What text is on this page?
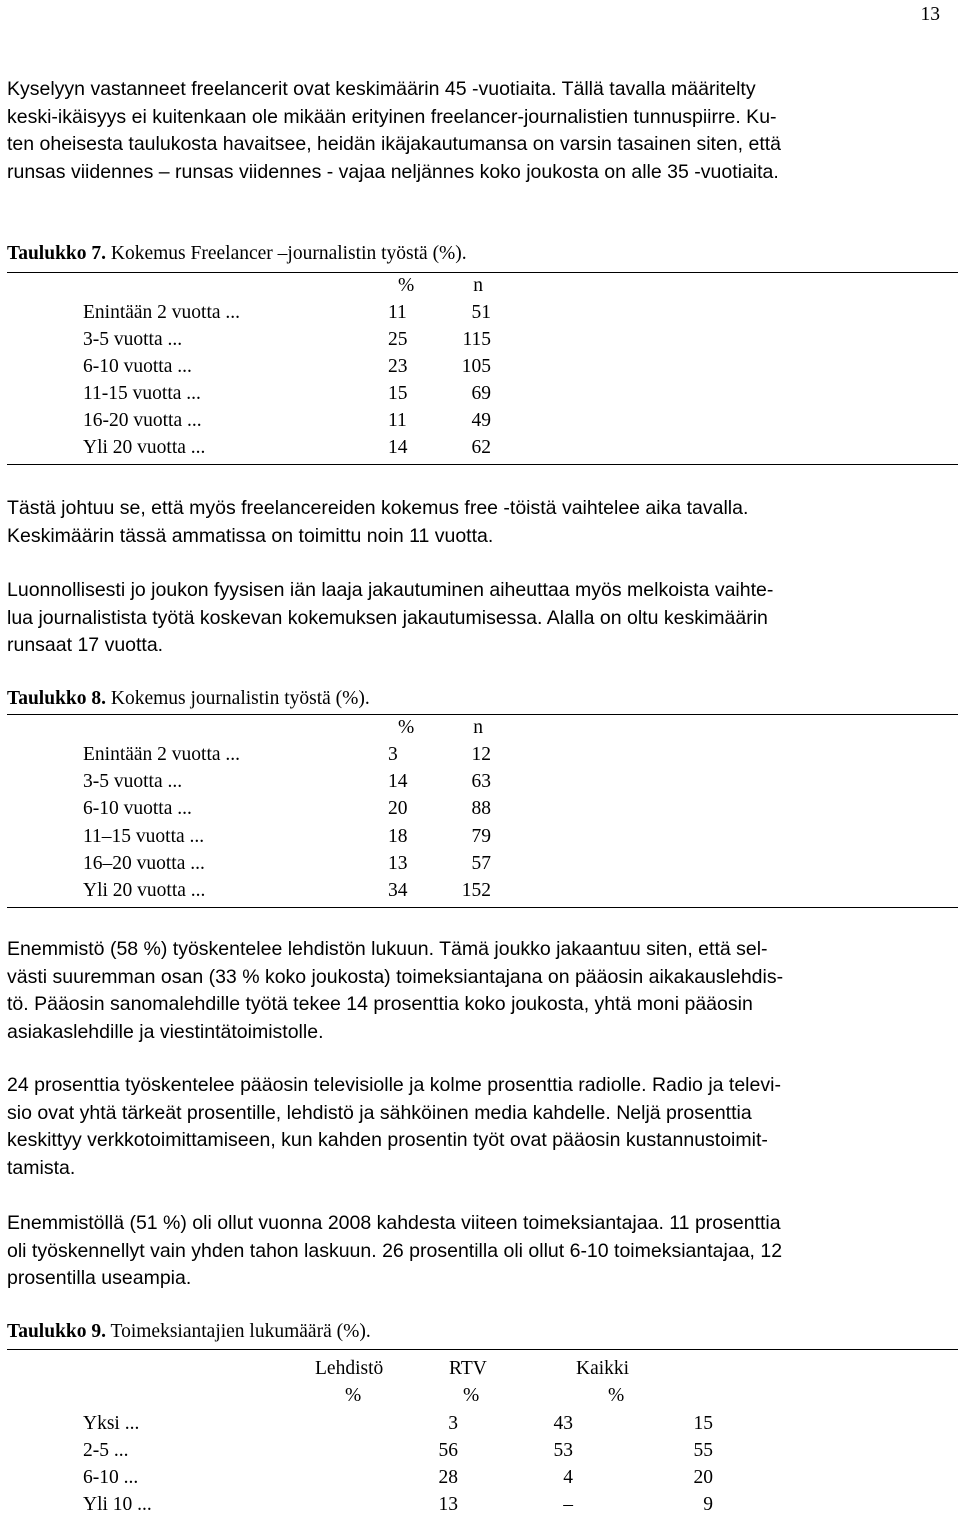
13
Kyselyyn vastanneet freelancerit ovat keskimäärin 45 -vuotiaita. Tällä tavalla määritelty
keski-ikäisyys ei kuitenkaan ole mikään erityinen freelancer-journalistien tunnuspiirre. Ku-
ten oheisesta taulukosta havaitsee, heidän ikäjakautumansa on varsin tasainen siten, että
runsas viidennes – runsas viidennes - vajaa neljännes koko joukosta on alle 35 -vuotiaita.
Taulukko 7. Kokemus Freelancer –journalistin työstä (%).
%	n
Enintään 2 vuotta ...	11	51
3-5 vuotta ...	25	115
6-10 vuotta ...	23	105
11-15 vuotta ...	15	69
16-20 vuotta ...	11	49
Yli 20 vuotta ...	14	62
Tästä johtuu se, että myös freelancereiden kokemus free -töistä vaihtelee aika tavalla.
Keskimäärin tässä ammatissa on toimittu noin 11 vuotta.
Luonnollisesti jo joukon fyysisen iän laaja jakautuminen aiheuttaa myös melkoista vaihte-
lua journalistista työtä koskevan kokemuksen jakautumisessa. Alalla on oltu keskimäärin
runsaat 17 vuotta.
Taulukko 8. Kokemus journalistin työstä (%).
%	n
Enintään 2 vuotta ...	3	12
3-5 vuotta ...	14	63
6-10 vuotta ...	20	88
11–15 vuotta ...	18	79
16–20 vuotta ...	13	57
Yli 20 vuotta ...	34	152
Enemmistö (58 %) työskentelee lehdistön lukuun. Tämä joukko jakaantuu siten, että sel-
västi suuremman osan (33 % koko joukosta) toimeksiantajana on pääosin aikakauslehdis-
tö. Pääosin sanomalehdille työtä tekee 14 prosenttia koko joukosta, yhtä moni pääosin
asiakaslehdille ja viestintätoimistolle.
24 prosenttia työskentelee pääosin televisiolle ja kolme prosenttia radiolle. Radio ja televi-
sio ovat yhtä tärkeät prosentille, lehdistö ja sähköinen media kahdelle. Neljä prosenttia
keskittyy verkkotoimittamiseen, kun kahden prosentin työt ovat pääosin kustannustoimit-
tamista.
Enemmistöllä (51 %) oli ollut vuonna 2008 kahdesta viiteen toimeksiantajaa. 11 prosenttia
oli työskennellyt vain yhden tahon laskuun. 26 prosentilla oli ollut 6-10 toimeksiantajaa, 12
prosentilla useampia.
Taulukko 9. Toimeksiantajien lukumäärä (%).
Lehdistö	RTV	Kaikki
%	%	%
Yksi ...	3	43	15
2-5 ...	56	53	55
6-10 ...	28	4	20
Yli 10 ...	13	–	9
